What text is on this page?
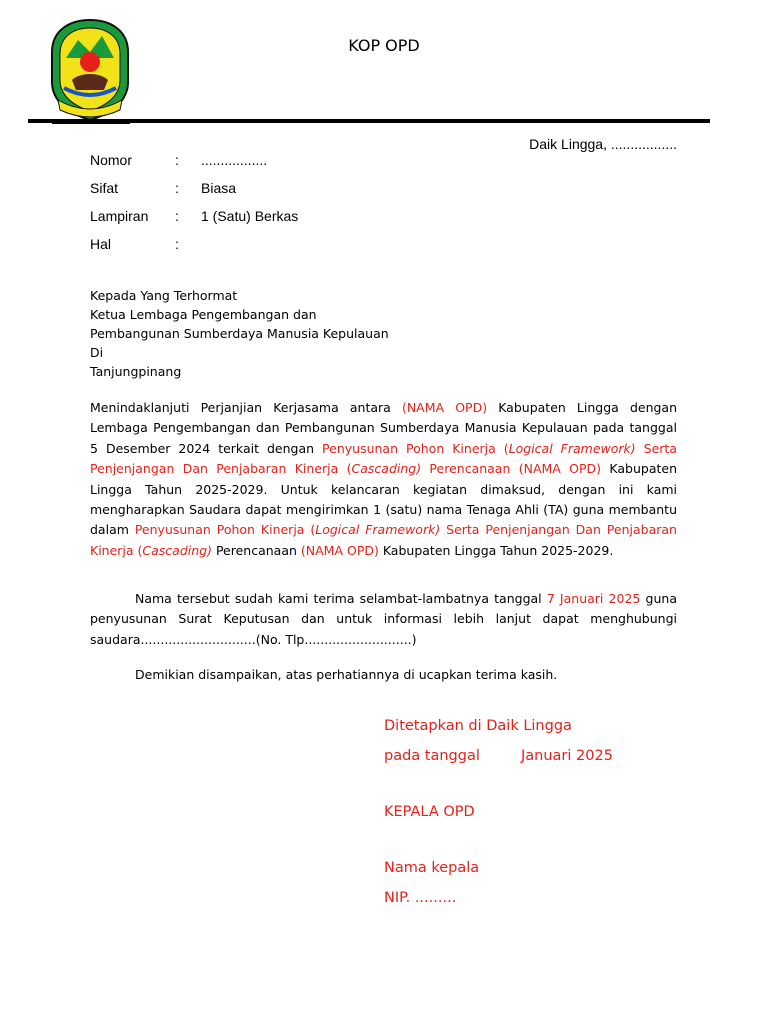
KOP OPD
Daik Lingga, .................
Nomor	: .................
Sifat	: Biasa
Lampiran : 1 (Satu) Berkas
Hal	:
Kepada Yang Terhormat
Ketua Lembaga Pengembangan dan
Pembangunan Sumberdaya Manusia Kepulauan
Di
Tanjungpinang
Menindaklanjuti Perjanjian Kerjasama antara (NAMA OPD) Kabupaten Lingga dengan Lembaga Pengembangan dan Pembangunan Sumberdaya Manusia Kepulauan pada tanggal 5 Desember 2024 terkait dengan Penyusunan Pohon Kinerja (Logical Framework) Serta Penjenjangan Dan Penjabaran Kinerja (Cascading) Perencanaan (NAMA OPD) Kabupaten Lingga Tahun 2025-2029. Untuk kelancaran kegiatan dimaksud, dengan ini kami mengharapkan Saudara dapat mengirimkan 1 (satu) nama Tenaga Ahli (TA) guna membantu dalam Penyusunan Pohon Kinerja (Logical Framework) Serta Penjenjangan Dan Penjabaran Kinerja (Cascading) Perencanaan (NAMA OPD) Kabupaten Lingga Tahun 2025-2029.
Nama tersebut sudah kami terima selambat-lambatnya tanggal 7 Januari 2025 guna penyusunan Surat Keputusan dan untuk informasi lebih lanjut dapat menghubungi saudara.............................(No. Tlp...........................)
Demikian disampaikan, atas perhatiannya di ucapkan terima kasih.
Ditetapkan di Daik Lingga
pada tanggal	Januari 2025
KEPALA OPD
Nama kepala
NIP. .........
